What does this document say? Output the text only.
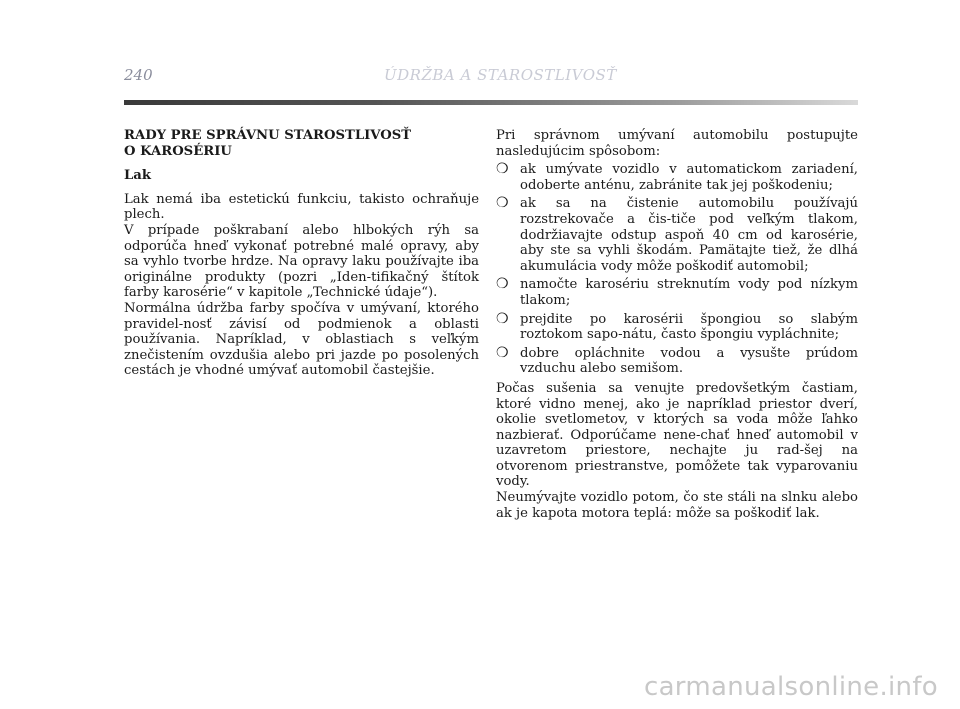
240	ÚDRŽBA A STAROSTLIVOSŤ
RADY PRE SPRÁVNU STAROSTLIVOSŤ
O KAROSÉRIU
Lak

Lak nemá iba estetickú funkciu, takisto ochraňuje plech.

V prípade poškrabaní alebo hlbokých rýh sa odporúča hneď vykonať potrebné malé opravy, aby sa vyhlo tvorbe hrdze. Na opravy laku používajte iba originálne produkty (pozri „Iden-tifikačný štítok farby karosérie“ v kapitole „Technické údaje“).

Normálna údržba farby spočíva v umývaní, ktorého pravidel-nosť závisí od podmienok a oblasti používania. Napríklad, v oblastiach s veľkým znečistením ovzdušia alebo pri jazde po posolených cestách je vhodné umývať automobil častejšie.

Pri správnom umývaní automobilu postupujte nasledujúcim spôsobom:

❍ ak umývate vozidlo v automatickom zariadení, odoberte anténu, zabránite tak jej poškodeniu;
❍ ak sa na čistenie automobilu používajú rozstrekovače a čis-tiče pod veľkým tlakom, dodržiavajte odstup aspoň 40 cm od karosérie, aby ste sa vyhli škodám. Pamätajte tiež, že dlhá akumulácia vody môže poškodiť automobil;
❍ namočte karosériu streknutím vody pod nízkym tlakom;
❍ prejdite po karosérii špongiou so slabým roztokom sapo-nátu, často špongiu vypláchnite;
❍ dobre opláchnite vodou a vysušte prúdom vzduchu alebo semišom.

Počas sušenia sa venujte predovšetkým častiam, ktoré vidno menej, ako je napríklad priestor dverí, okolie svetlometov, v ktorých sa voda môže ľahko nazbierať. Odporúčame nene-chať hneď automobil v uzavretom priestore, nechajte ju rad-šej na otvorenom priestranstve, pomôžete tak vyparovaniu vody.

Neumývajte vozidlo potom, čo ste stáli na slnku alebo ak je kapota motora teplá: môže sa poškodiť lak.

carmanualsonline.info
